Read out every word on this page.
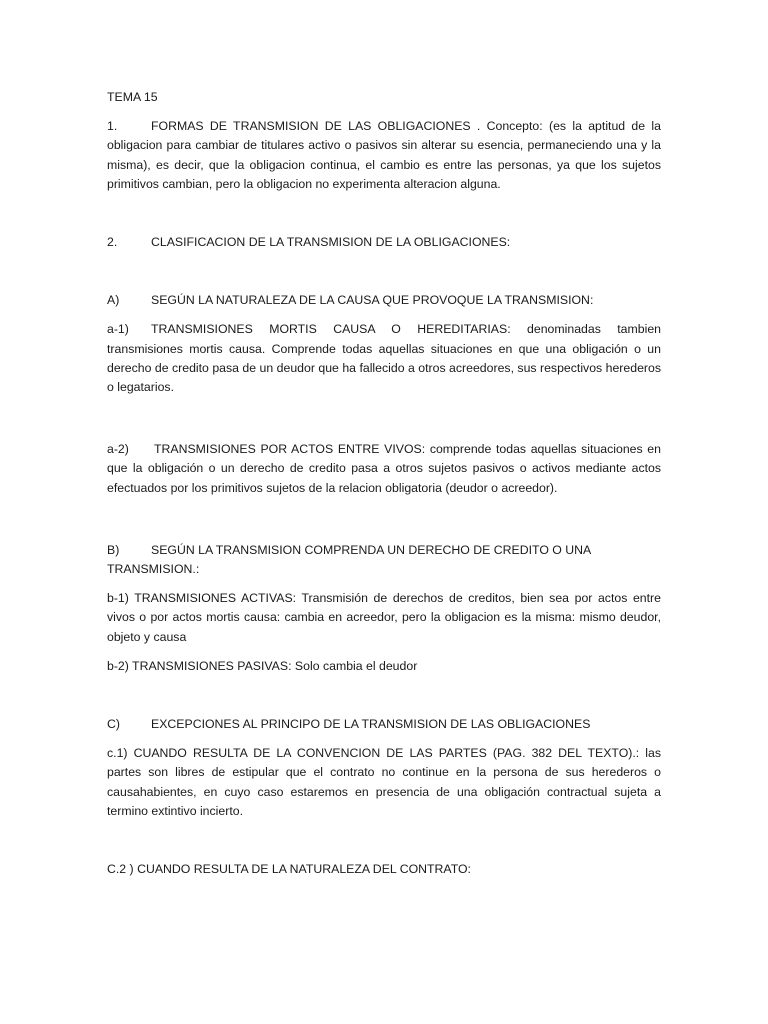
TEMA 15

1.	FORMAS DE TRANSMISION DE LAS OBLIGACIONES . Concepto: (es la aptitud de la obligacion para cambiar de titulares activo o pasivos sin alterar su esencia, permaneciendo una y la misma), es decir, que la obligacion continua, el cambio es entre las personas, ya que los sujetos primitivos cambian, pero la obligacion no experimenta alteracion alguna.

2.	CLASIFICACION DE LA TRANSMISION DE LA OBLIGACIONES:

A)	SEGÚN LA NATURALEZA DE LA CAUSA QUE PROVOQUE LA TRANSMISION:

a-1) TRANSMISIONES MORTIS CAUSA O HEREDITARIAS: denominadas tambien transmisiones mortis causa. Comprende todas aquellas situaciones en que una obligación o un derecho de credito pasa de un deudor que ha fallecido a otros acreedores, sus respectivos herederos o legatarios.

a-2) TRANSMISIONES POR ACTOS ENTRE VIVOS: comprende todas aquellas situaciones en que la obligación o un derecho de credito pasa a otros sujetos pasivos o activos mediante actos efectuados por los primitivos sujetos de la relacion obligatoria (deudor o acreedor).

B)	SEGÚN LA TRANSMISION COMPRENDA UN DERECHO DE CREDITO O UNA TRANSMISION.:

b-1) TRANSMISIONES ACTIVAS: Transmisión de derechos de creditos, bien sea por actos entre vivos o por actos mortis causa: cambia en acreedor, pero la obligacion es la misma: mismo deudor, objeto y causa

b-2) TRANSMISIONES PASIVAS: Solo cambia el deudor

C)	EXCEPCIONES AL PRINCIPO DE LA TRANSMISION DE LAS OBLIGACIONES

c.1) CUANDO RESULTA DE LA CONVENCION DE LAS PARTES (PAG. 382 DEL TEXTO).: las partes son libres de estipular que el contrato no continue en la persona de sus herederos o causahabientes, en cuyo caso estaremos en presencia de una obligación contractual sujeta a termino extintivo incierto.

C.2 ) CUANDO RESULTA DE LA NATURALEZA DEL CONTRATO:
